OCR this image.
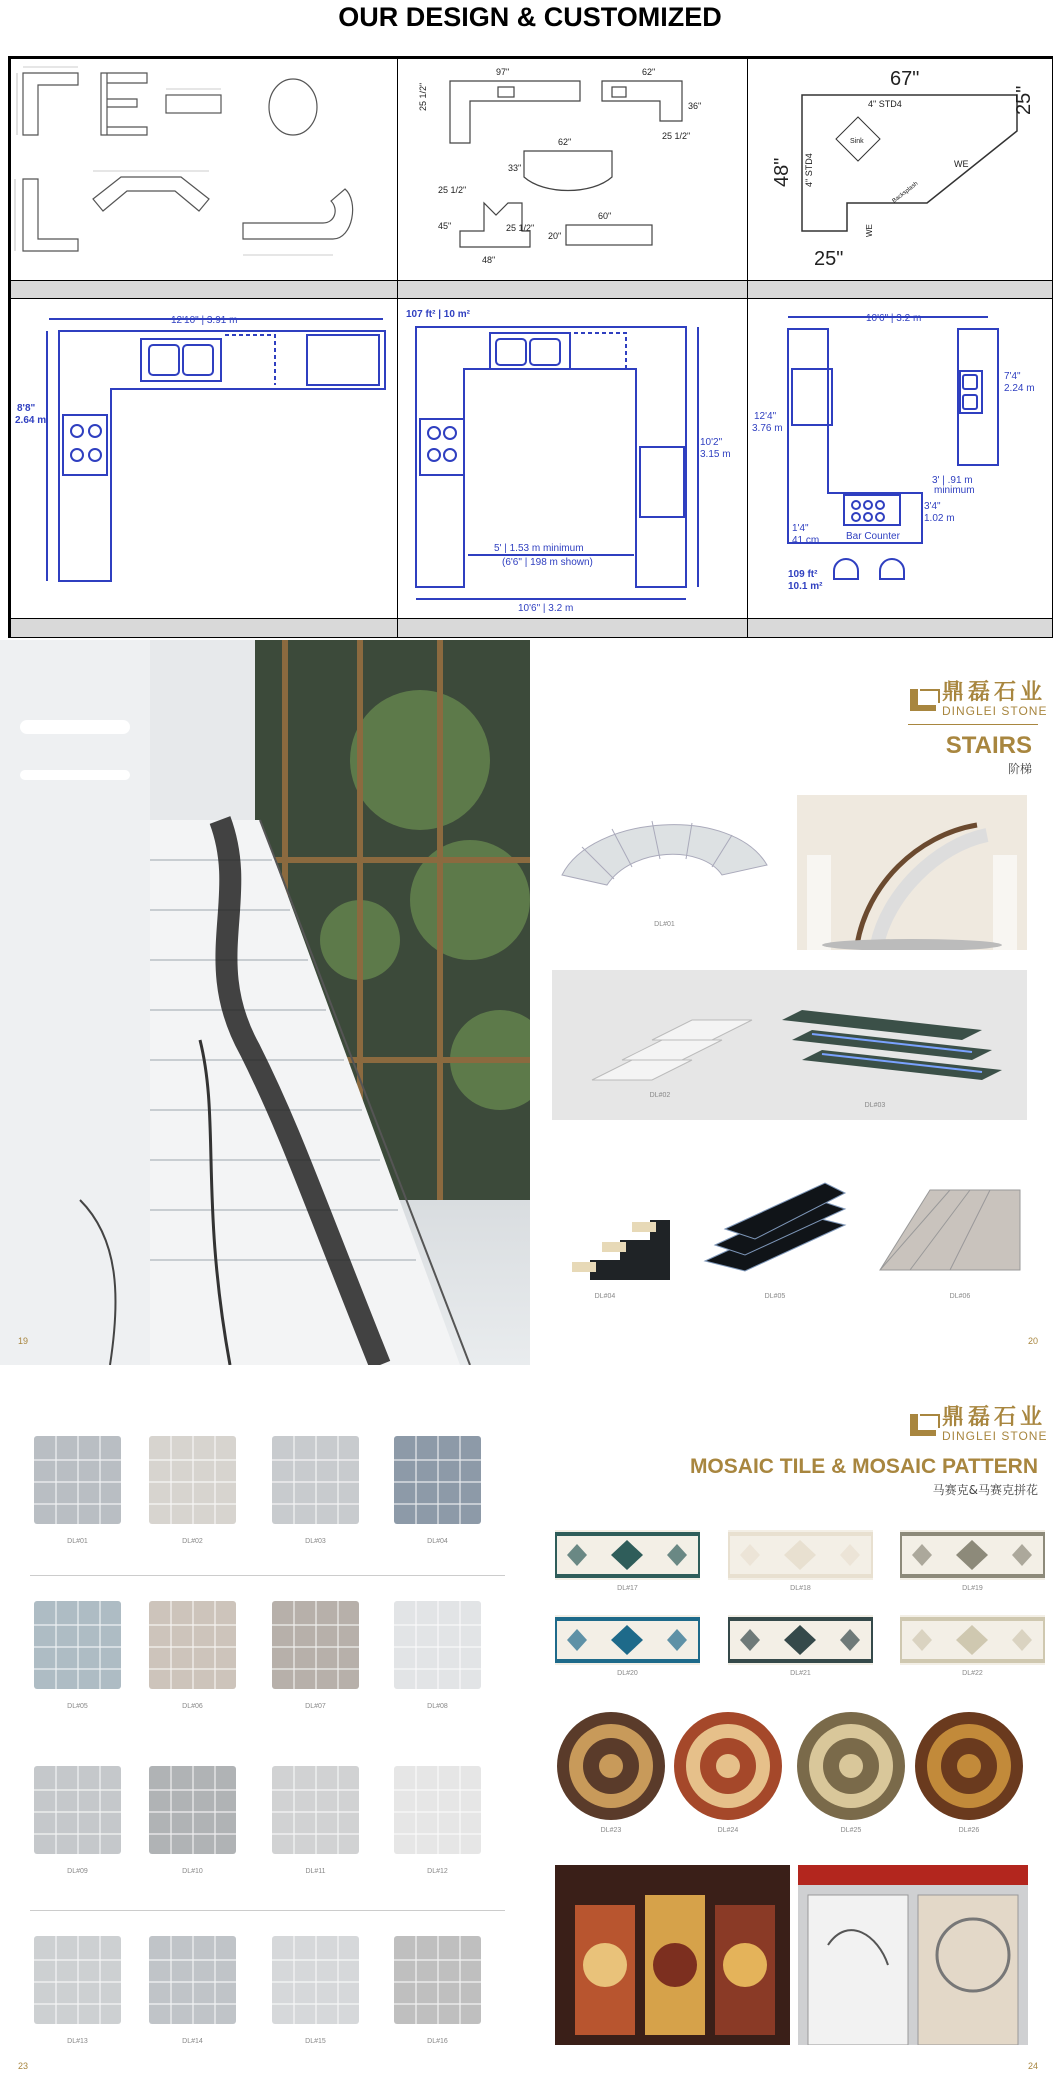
OUR DESIGN & CUSTOMIZED
97"	62"
25 1/2"	36"
25 1/2"
62"
33"
25 1/2"
45"	25 1/2"
48"
60"
20"
67"
25"
48"
25"
4" STD4
4" STD4
Sink
WE
WE
Backsplash
12'10" | 3.91 m
8'8"
2.64 m
107 ft² | 10 m²
10'2"
3.15 m
5' | 1.53 m minimum
(6'6" | 198 m shown)
10'6" | 3.2 m
10'6" | 3.2 m
7'4"
2.24 m
12'4"
3.76 m
3' | .91 m
minimum
3'4"
1.02 m
1'4"
41 cm	Bar Counter
109 ft²
10.1 m²
19
鼎磊石业
DINGLEI STONE
STAIRS
阶梯
DL#01
DL#02
DL#03
DL#04	DL#05	DL#06
20
23
DL#01	DL#02	DL#03	DL#04
DL#05	DL#06	DL#07	DL#08
DL#09	DL#10	DL#11	DL#12
DL#13	DL#14	DL#15	DL#16
鼎磊石业
DINGLEI STONE
MOSAIC TILE & MOSAIC PATTERN
马赛克&马赛克拼花
24
DL#17	DL#18	DL#19
DL#20	DL#21	DL#22
DL#23	DL#24	DL#25	DL#26
